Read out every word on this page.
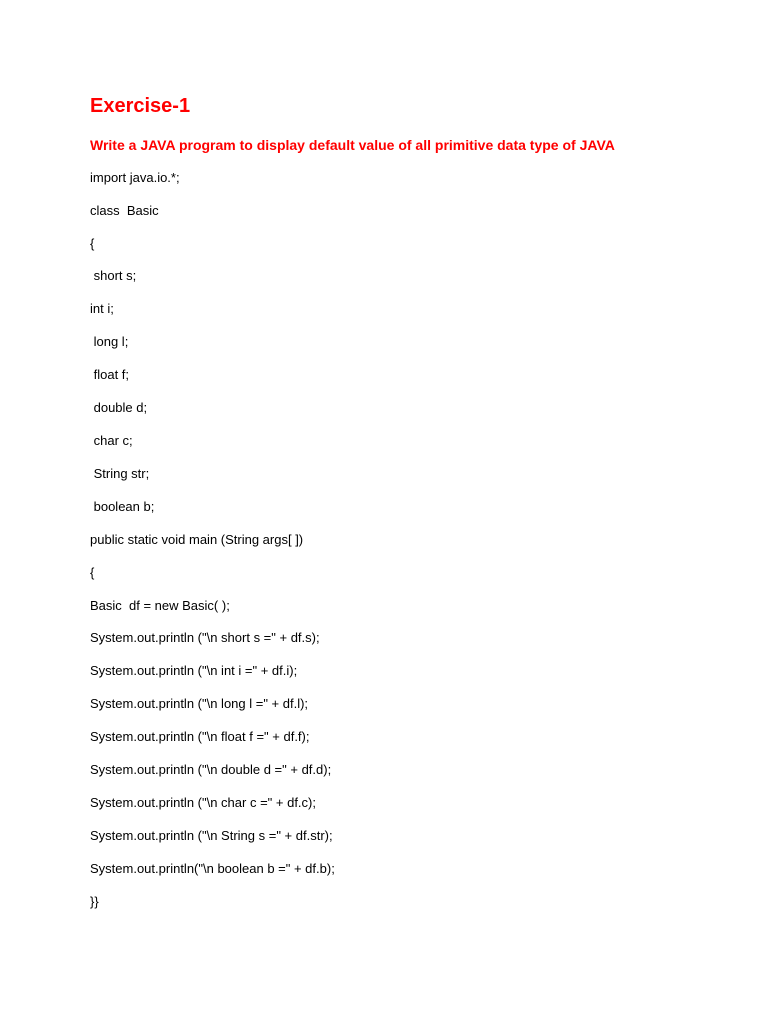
Exercise-1

Write a JAVA program to display default value of all primitive data type of JAVA

import java.io.*;

class  Basic

{

short s;

int i;

long l;

float f;

double d;

char c;

String str;

boolean b;

public static void main (String args[ ])

{

Basic  df = new Basic( );

System.out.println ("\n short s =" + df.s);

System.out.println ("\n int i =" + df.i);

System.out.println ("\n long l =" + df.l);

System.out.println ("\n float f =" + df.f);

System.out.println ("\n double d =" + df.d);

System.out.println ("\n char c =" + df.c);

System.out.println ("\n String s =" + df.str);

System.out.println("\n boolean b =" + df.b);

}}
